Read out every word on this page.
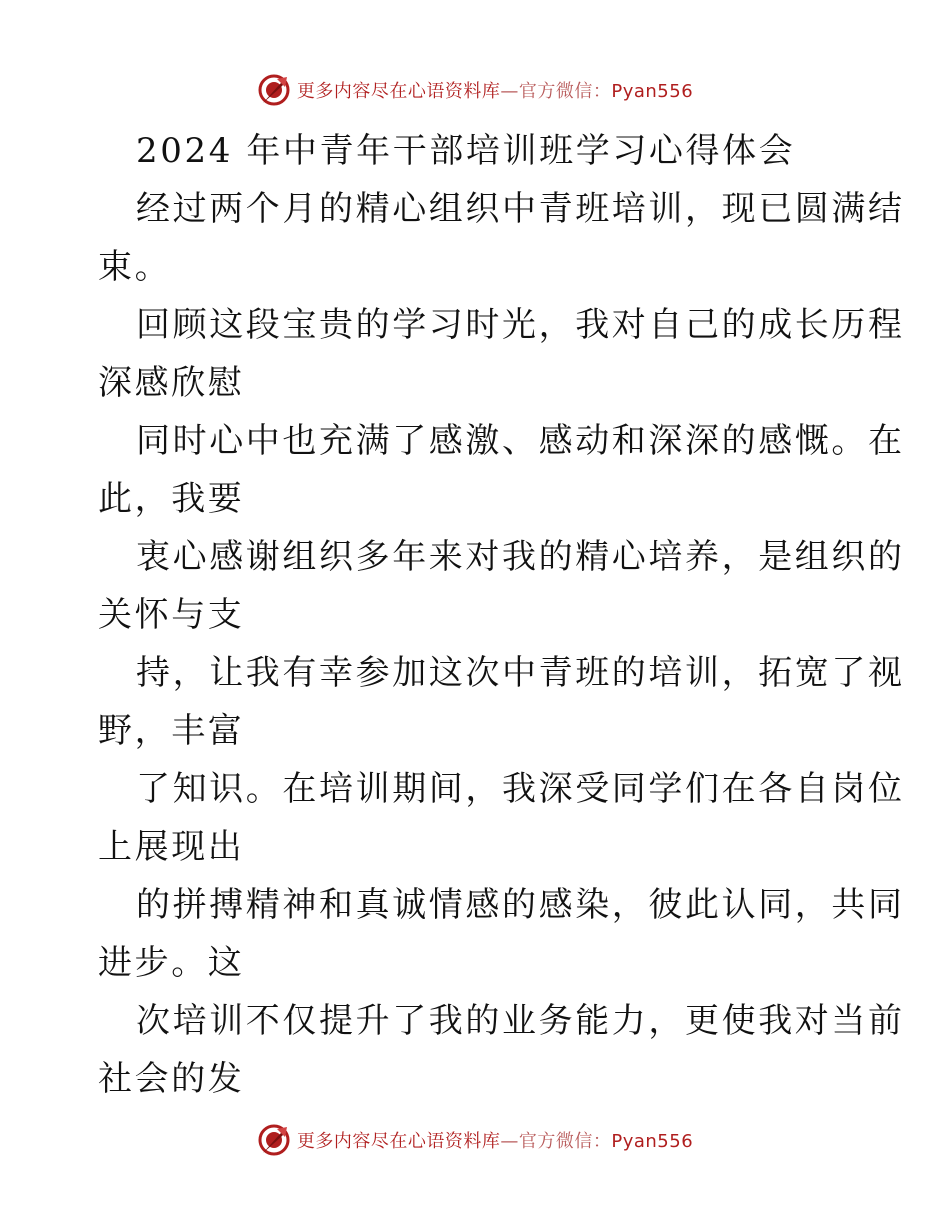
更多内容尽在心语资料库—官方微信：Pyan556
2024 年中青年干部培训班学习心得体会
经过两个月的精心组织中青班培训，现已圆满结
束。
回顾这段宝贵的学习时光，我对自己的成长历程
深感欣慰
同时心中也充满了感激、感动和深深的感慨。在
此，我要
衷心感谢组织多年来对我的精心培养，是组织的
关怀与支
持，让我有幸参加这次中青班的培训，拓宽了视
野，丰富
了知识。在培训期间，我深受同学们在各自岗位
上展现出
的拼搏精神和真诚情感的感染，彼此认同，共同
进步。这
次培训不仅提升了我的业务能力，更使我对当前
社会的发
更多内容尽在心语资料库—官方微信：Pyan556
